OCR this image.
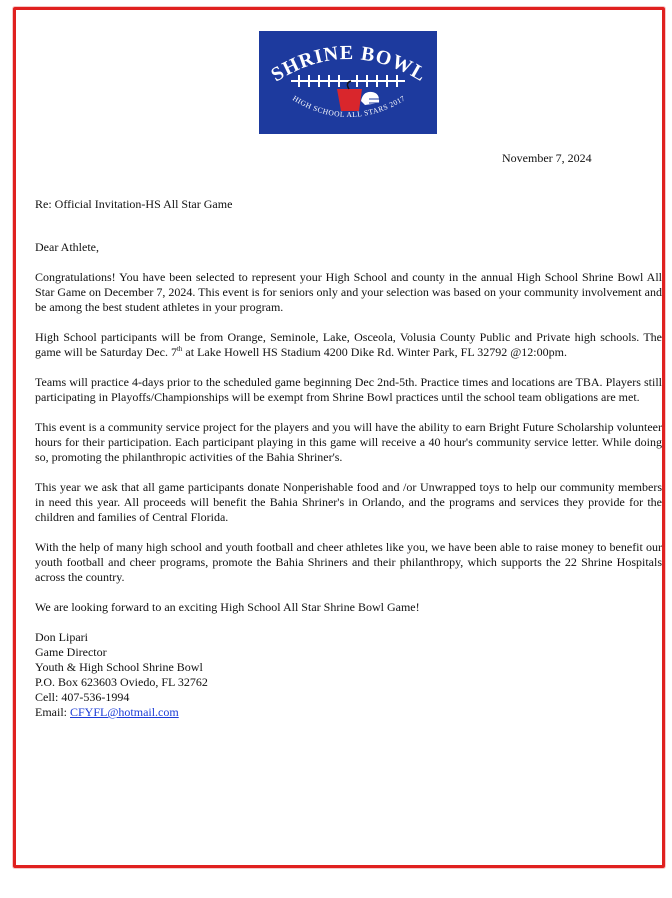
SHRINE BOWL
HIGH SCHOOL ALL STARS 2017
November 7, 2024
Re: Official Invitation-HS All Star Game

Dear Athlete,

Congratulations! You have been selected to represent your High School and county in the annual High School Shrine Bowl All Star Game on December 7, 2024. This event is for seniors only and your selection was based on your community involvement and be among the best student athletes in your program.

High School participants will be from Orange, Seminole, Lake, Osceola, Volusia County Public and Private high schools. The game will be Saturday Dec. 7th at Lake Howell HS Stadium 4200 Dike Rd. Winter Park, FL 32792 @12:00pm.

Teams will practice 4-days prior to the scheduled game beginning Dec 2nd-5th. Practice times and locations are TBA. Players still participating in Playoffs/Championships will be exempt from Shrine Bowl practices until the school team obligations are met.

This event is a community service project for the players and you will have the ability to earn Bright Future Scholarship volunteer hours for their participation. Each participant playing in this game will receive a 40 hour's community service letter. While doing so, promoting the philanthropic activities of the Bahia Shriner's.

This year we ask that all game participants donate Nonperishable food and /or Unwrapped toys to help our community members in need this year. All proceeds will benefit the Bahia Shriner's in Orlando, and the programs and services they provide for the children and families of Central Florida.

With the help of many high school and youth football and cheer athletes like you, we have been able to raise money to benefit our youth football and cheer programs, promote the Bahia Shriners and their philanthropy, which supports the 22 Shrine Hospitals across the country.

We are looking forward to an exciting High School All Star Shrine Bowl Game!

Don Lipari
Game Director
Youth & High School Shrine Bowl
P.O. Box 623603 Oviedo, FL 32762
Cell: 407-536-1994
Email: CFYFL@hotmail.com
